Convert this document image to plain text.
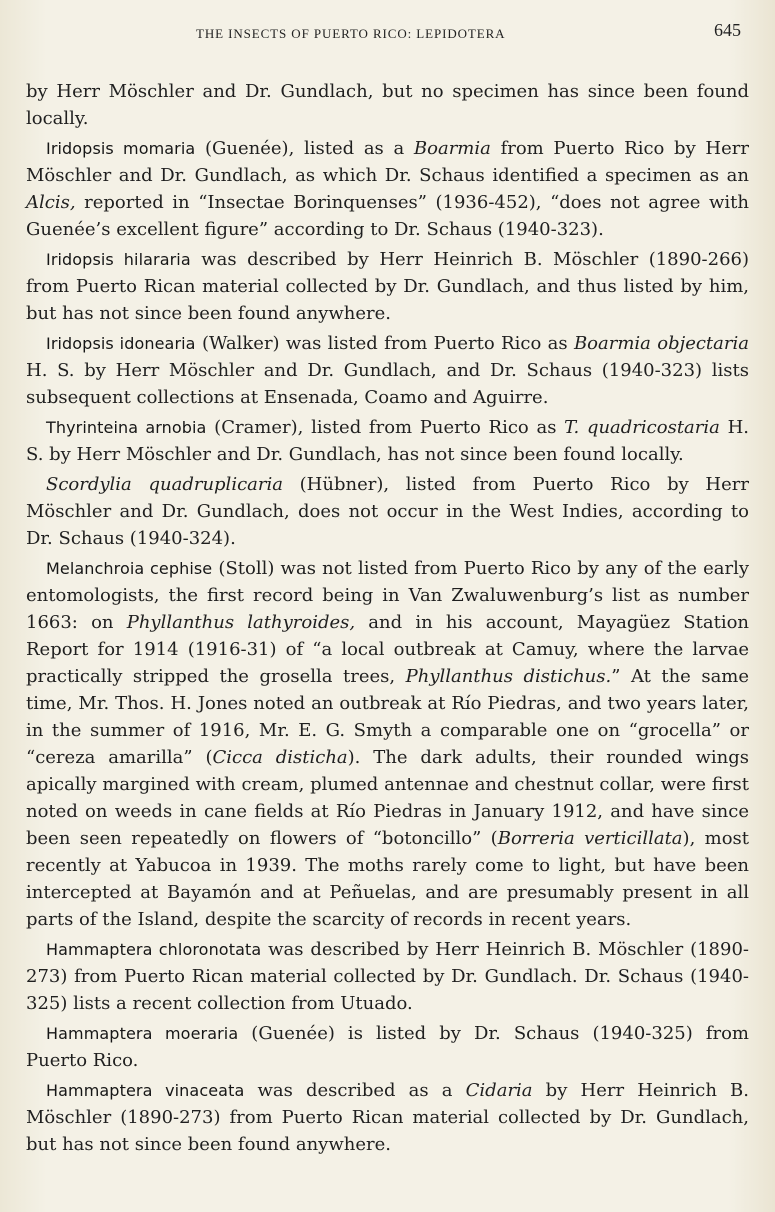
THE INSECTS OF PUERTO RICO: LEPIDOTERA	645

by Herr Möschler and Dr. Gundlach, but no specimen has since been found locally.

Iridopsis momaria (Guenée), listed as a Boarmia from Puerto Rico by Herr Möschler and Dr. Gundlach, as which Dr. Schaus identified a specimen as an Alcis, reported in “Insectae Borinquenses” (1936-452), “does not agree with Guenée’s excellent figure” according to Dr. Schaus (1940-323).

Iridopsis hilararia was described by Herr Heinrich B. Möschler (1890-266) from Puerto Rican material collected by Dr. Gundlach, and thus listed by him, but has not since been found anywhere.

Iridopsis idonearia (Walker) was listed from Puerto Rico as Boarmia objectaria H. S. by Herr Möschler and Dr. Gundlach, and Dr. Schaus (1940-323) lists subsequent collections at Ensenada, Coamo and Aguirre.

Thyrinteina arnobia (Cramer), listed from Puerto Rico as T. quadricostaria H. S. by Herr Möschler and Dr. Gundlach, has not since been found locally.

Scordylia quadruplicaria (Hübner), listed from Puerto Rico by Herr Möschler and Dr. Gundlach, does not occur in the West Indies, according to Dr. Schaus (1940-324).

Melanchroia cephise (Stoll) was not listed from Puerto Rico by any of the early entomologists, the first record being in Van Zwaluwenburg’s list as number 1663: on Phyllanthus lathyroides, and in his account, Mayagüez Station Report for 1914 (1916-31) of “a local outbreak at Camuy, where the larvae practically stripped the grosella trees, Phyllanthus distichus.” At the same time, Mr. Thos. H. Jones noted an outbreak at Río Piedras, and two years later, in the summer of 1916, Mr. E. G. Smyth a comparable one on “grocella” or “cereza amarilla” (Cicca disticha). The dark adults, their rounded wings apically margined with cream, plumed antennae and chestnut collar, were first noted on weeds in cane fields at Río Piedras in January 1912, and have since been seen repeatedly on flowers of “botoncillo” (Borreria verticillata), most recently at Yabucoa in 1939. The moths rarely come to light, but have been intercepted at Bayamón and at Peñuelas, and are presumably present in all parts of the Island, despite the scarcity of records in recent years.

Hammaptera chloronotata was described by Herr Heinrich B. Möschler (1890-273) from Puerto Rican material collected by Dr. Gundlach. Dr. Schaus (1940-325) lists a recent collection from Utuado.

Hammaptera moeraria (Guenée) is listed by Dr. Schaus (1940-325) from Puerto Rico.

Hammaptera vinaceata was described as a Cidaria by Herr Heinrich B. Möschler (1890-273) from Puerto Rican material collected by Dr. Gundlach, but has not since been found anywhere.
